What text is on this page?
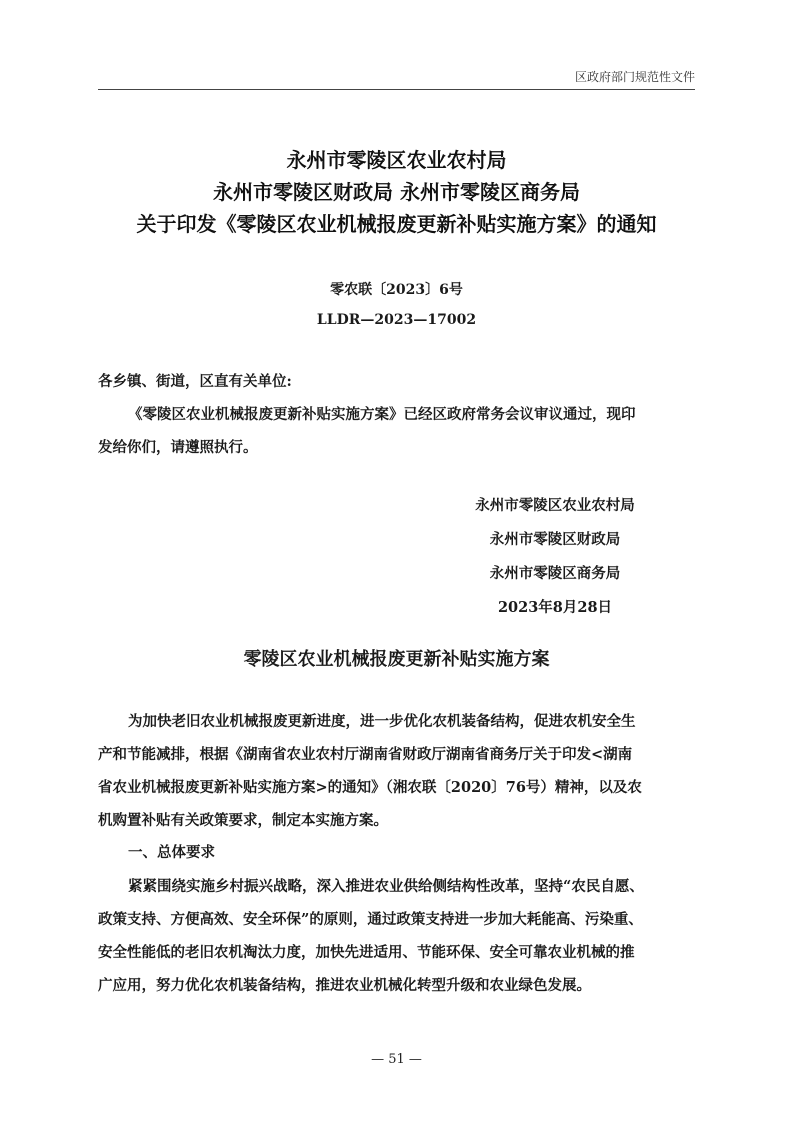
区政府部门规范性文件
永州市零陵区农业农村局
永州市零陵区财政局 永州市零陵区商务局
关于印发《零陵区农业机械报废更新补贴实施方案》的通知
零农联〔2023〕6号
LLDR—2023—17002
各乡镇、街道，区直有关单位:
《零陵区农业机械报废更新补贴实施方案》已经区政府常务会议审议通过，现印
发给你们，请遵照执行。
永州市零陵区农业农村局
永州市零陵区财政局
永州市零陵区商务局
2023年8月28日
零陵区农业机械报废更新补贴实施方案
为加快老旧农业机械报废更新进度，进一步优化农机装备结构，促进农机安全生
产和节能减排，根据《湖南省农业农村厅湖南省财政厅湖南省商务厅关于印发<湖南
省农业机械报废更新补贴实施方案>的通知》（湘农联〔2020〕76号）精神，以及农
机购置补贴有关政策要求，制定本实施方案。
一、总体要求
紧紧围绕实施乡村振兴战略，深入推进农业供给侧结构性改革，坚持“农民自愿、
政策支持、方便高效、安全环保”的原则，通过政策支持进一步加大耗能高、污染重、
安全性能低的老旧农机淘汰力度，加快先进适用、节能环保、安全可靠农业机械的推
广应用，努力优化农机装备结构，推进农业机械化转型升级和农业绿色发展。
— 51 —
